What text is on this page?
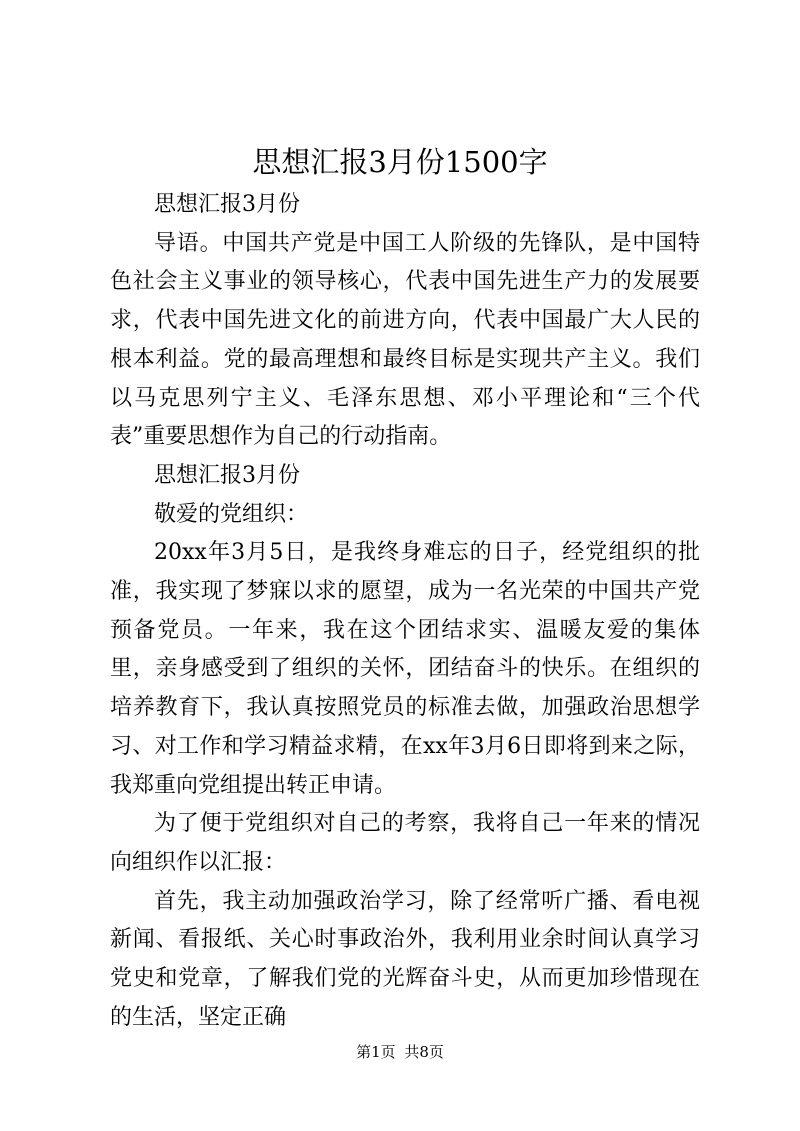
思想汇报3月份1500字

思想汇报3月份

导语。中国共产党是中国工人阶级的先锋队，是中国特色社会主义事业的领导核心，代表中国先进生产力的发展要求，代表中国先进文化的前进方向，代表中国最广大人民的根本利益。党的最高理想和最终目标是实现共产主义。我们以马克思列宁主义、毛泽东思想、邓小平理论和“三个代表”重要思想作为自己的行动指南。

思想汇报3月份

敬爱的党组织：

20xx年3月5日，是我终身难忘的日子，经党组织的批准，我实现了梦寐以求的愿望，成为一名光荣的中国共产党预备党员。一年来，我在这个团结求实、温暖友爱的集体里，亲身感受到了组织的关怀，团结奋斗的快乐。在组织的培养教育下，我认真按照党员的标准去做，加强政治思想学习、对工作和学习精益求精，在xx年3月6日即将到来之际，我郑重向党组提出转正申请。

为了便于党组织对自己的考察，我将自己一年来的情况向组织作以汇报：

首先，我主动加强政治学习，除了经常听广播、看电视新闻、看报纸、关心时事政治外，我利用业余时间认真学习党史和党章，了解我们党的光辉奋斗史，从而更加珍惜现在的生活，坚定正确

第1页 共8页
